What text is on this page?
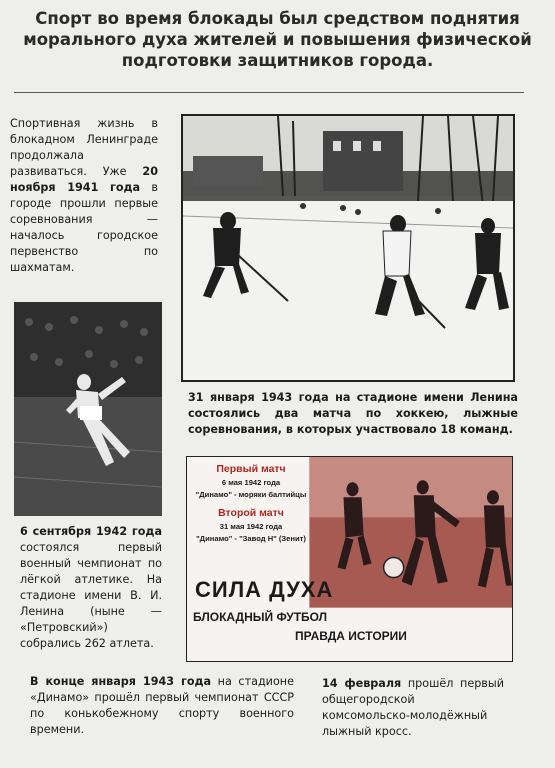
Спорт во время блокады был средством поднятия
морального духа жителей и повышения физической
подготовки защитников города.
Спортивная жизнь в блокадном Ленинграде продолжала развиваться. Уже 20 ноября 1941 года в городе прошли первые соревнования — началось городское первенство по шахматам.
31 января 1943 года на стадионе имени Ленина состоялись два матча по хоккею, лыжные соревнования, в которых участвовало 18 команд.
6 сентября 1942 года состоялся первый военный чемпионат по лёгкой атлетике. На стадионе имени В. И. Ленина (ныне — «Петровский») собрались 262 атлета.
Первый матч
6 мая 1942 года
"Динамо" - моряки балтийцы
Второй матч
31 мая 1942 года
"Динамо" - "Завод Н" (Зенит)
СИЛА ДУХА
БЛОКАДНЫЙ ФУТБОЛ
ПРАВДА ИСТОРИИ
В конце января 1943 года на стадионе «Динамо» прошёл первый чемпионат СССР по конькобежному спорту военного времени.
14 февраля прошёл первый общегородской комсомольско-молодёжный лыжный кросс.
